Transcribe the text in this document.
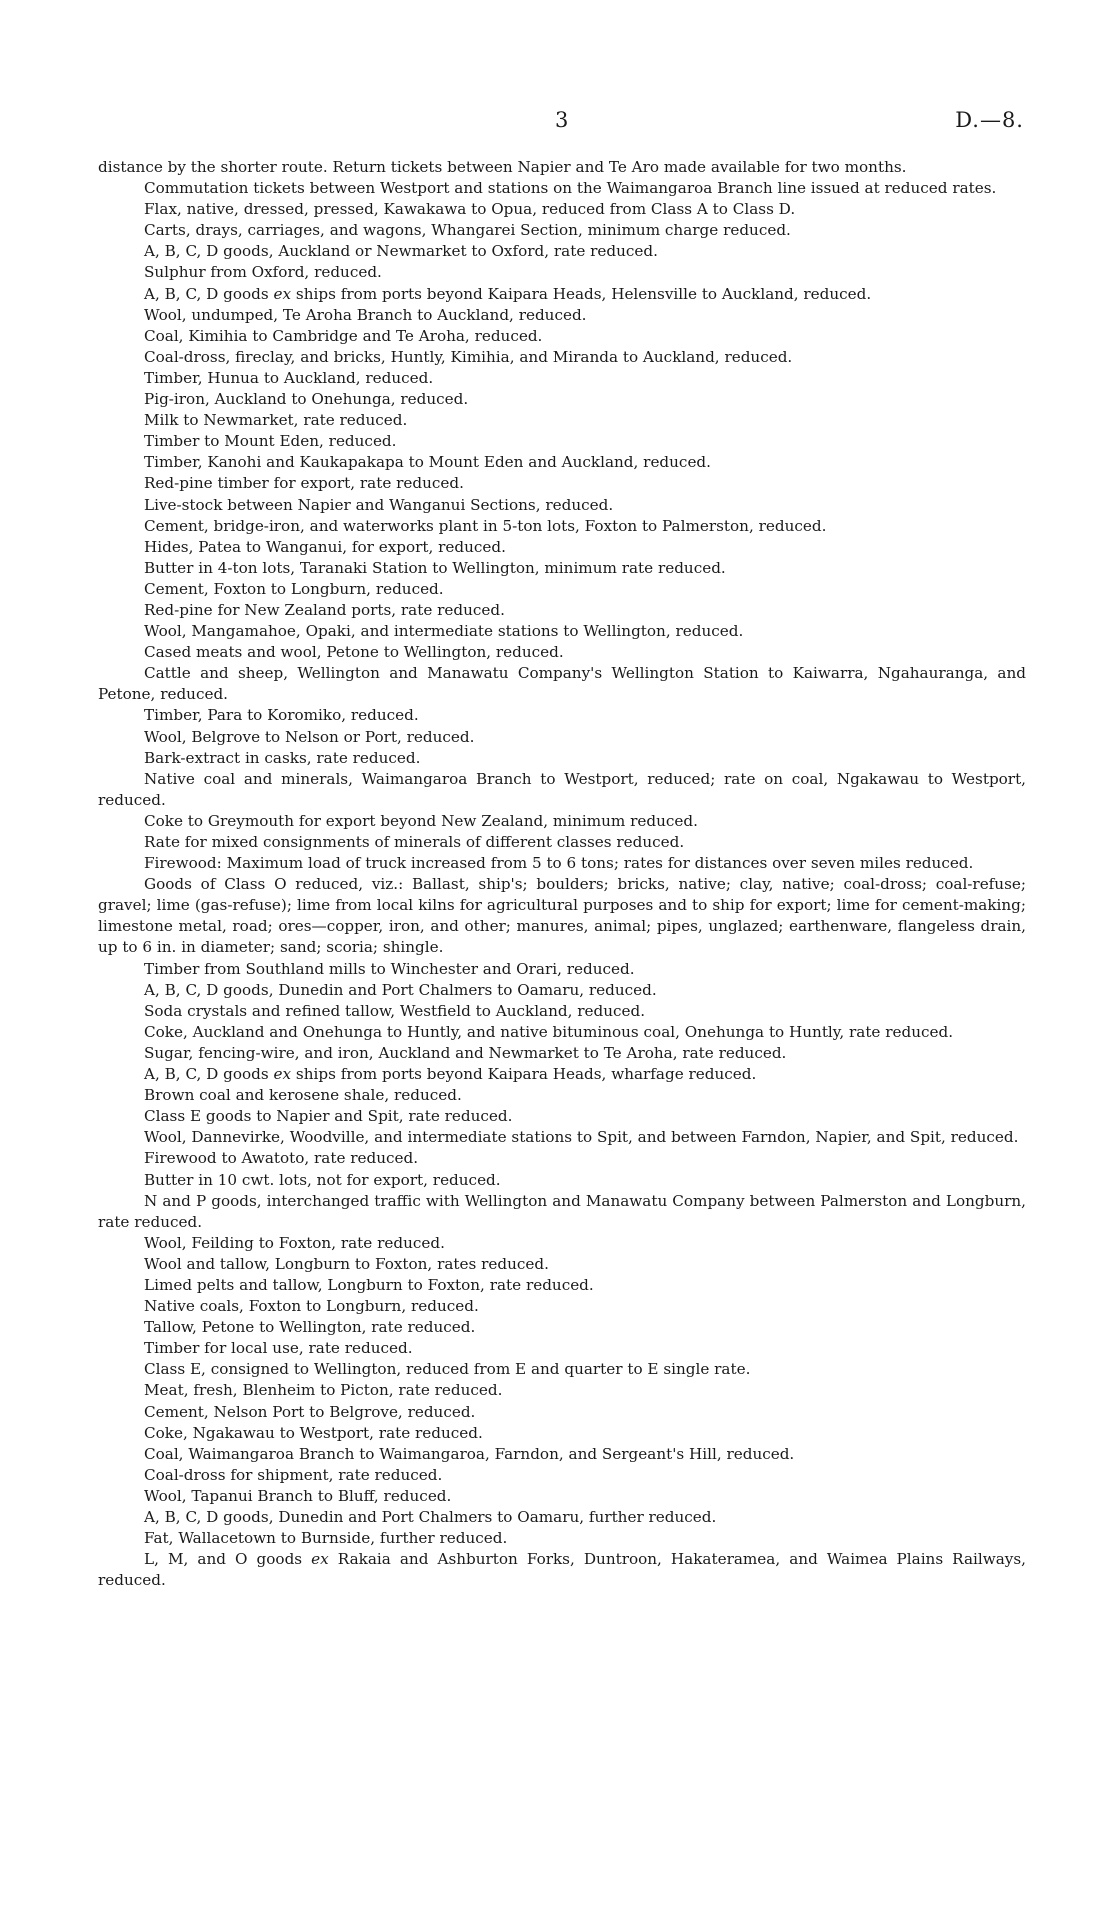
3	D.—8.

distance by the shorter route. Return tickets between Napier and Te Aro made available for two months.

Commutation tickets between Westport and stations on the Waimangaroa Branch line issued at reduced rates.

Flax, native, dressed, pressed, Kawakawa to Opua, reduced from Class A to Class D.

Carts, drays, carriages, and wagons, Whangarei Section, minimum charge reduced.

A, B, C, D goods, Auckland or Newmarket to Oxford, rate reduced.

Sulphur from Oxford, reduced.

A, B, C, D goods ex ships from ports beyond Kaipara Heads, Helensville to Auckland, reduced.

Wool, undumped, Te Aroha Branch to Auckland, reduced.

Coal, Kimihia to Cambridge and Te Aroha, reduced.

Coal-dross, fireclay, and bricks, Huntly, Kimihia, and Miranda to Auckland, reduced.

Timber, Hunua to Auckland, reduced.

Pig-iron, Auckland to Onehunga, reduced.

Milk to Newmarket, rate reduced.

Timber to Mount Eden, reduced.

Timber, Kanohi and Kaukapakapa to Mount Eden and Auckland, reduced.

Red-pine timber for export, rate reduced.

Live-stock between Napier and Wanganui Sections, reduced.

Cement, bridge-iron, and waterworks plant in 5-ton lots, Foxton to Palmerston, reduced.

Hides, Patea to Wanganui, for export, reduced.

Butter in 4-ton lots, Taranaki Station to Wellington, minimum rate reduced.

Cement, Foxton to Longburn, reduced.

Red-pine for New Zealand ports, rate reduced.

Wool, Mangamahoe, Opaki, and intermediate stations to Wellington, reduced.

Cased meats and wool, Petone to Wellington, reduced.

Cattle and sheep, Wellington and Manawatu Company's Wellington Station to Kaiwarra, Ngahauranga, and Petone, reduced.

Timber, Para to Koromiko, reduced.

Wool, Belgrove to Nelson or Port, reduced.

Bark-extract in casks, rate reduced.

Native coal and minerals, Waimangaroa Branch to Westport, reduced; rate on coal, Ngakawau to Westport, reduced.

Coke to Greymouth for export beyond New Zealand, minimum reduced.

Rate for mixed consignments of minerals of different classes reduced.

Firewood: Maximum load of truck increased from 5 to 6 tons; rates for distances over seven miles reduced.

Goods of Class O reduced, viz.: Ballast, ship's; boulders; bricks, native; clay, native; coal-dross; coal-refuse; gravel; lime (gas-refuse); lime from local kilns for agricultural purposes and to ship for export; lime for cement-making; limestone metal, road; ores—copper, iron, and other; manures, animal; pipes, unglazed; earthenware, flangeless drain, up to 6 in. in diameter; sand; scoria; shingle.

Timber from Southland mills to Winchester and Orari, reduced.

A, B, C, D goods, Dunedin and Port Chalmers to Oamaru, reduced.

Soda crystals and refined tallow, Westfield to Auckland, reduced.

Coke, Auckland and Onehunga to Huntly, and native bituminous coal, Onehunga to Huntly, rate reduced.

Sugar, fencing-wire, and iron, Auckland and Newmarket to Te Aroha, rate reduced.

A, B, C, D goods ex ships from ports beyond Kaipara Heads, wharfage reduced.

Brown coal and kerosene shale, reduced.

Class E goods to Napier and Spit, rate reduced.

Wool, Dannevirke, Woodville, and intermediate stations to Spit, and between Farndon, Napier, and Spit, reduced.

Firewood to Awatoto, rate reduced.

Butter in 10 cwt. lots, not for export, reduced.

N and P goods, interchanged traffic with Wellington and Manawatu Company between Palmerston and Longburn, rate reduced.

Wool, Feilding to Foxton, rate reduced.

Wool and tallow, Longburn to Foxton, rates reduced.

Limed pelts and tallow, Longburn to Foxton, rate reduced.

Native coals, Foxton to Longburn, reduced.

Tallow, Petone to Wellington, rate reduced.

Timber for local use, rate reduced.

Class E, consigned to Wellington, reduced from E and quarter to E single rate.

Meat, fresh, Blenheim to Picton, rate reduced.

Cement, Nelson Port to Belgrove, reduced.

Coke, Ngakawau to Westport, rate reduced.

Coal, Waimangaroa Branch to Waimangaroa, Farndon, and Sergeant's Hill, reduced.

Coal-dross for shipment, rate reduced.

Wool, Tapanui Branch to Bluff, reduced.

A, B, C, D goods, Dunedin and Port Chalmers to Oamaru, further reduced.

Fat, Wallacetown to Burnside, further reduced.

L, M, and O goods ex Rakaia and Ashburton Forks, Duntroon, Hakateramea, and Waimea Plains Railways, reduced.
